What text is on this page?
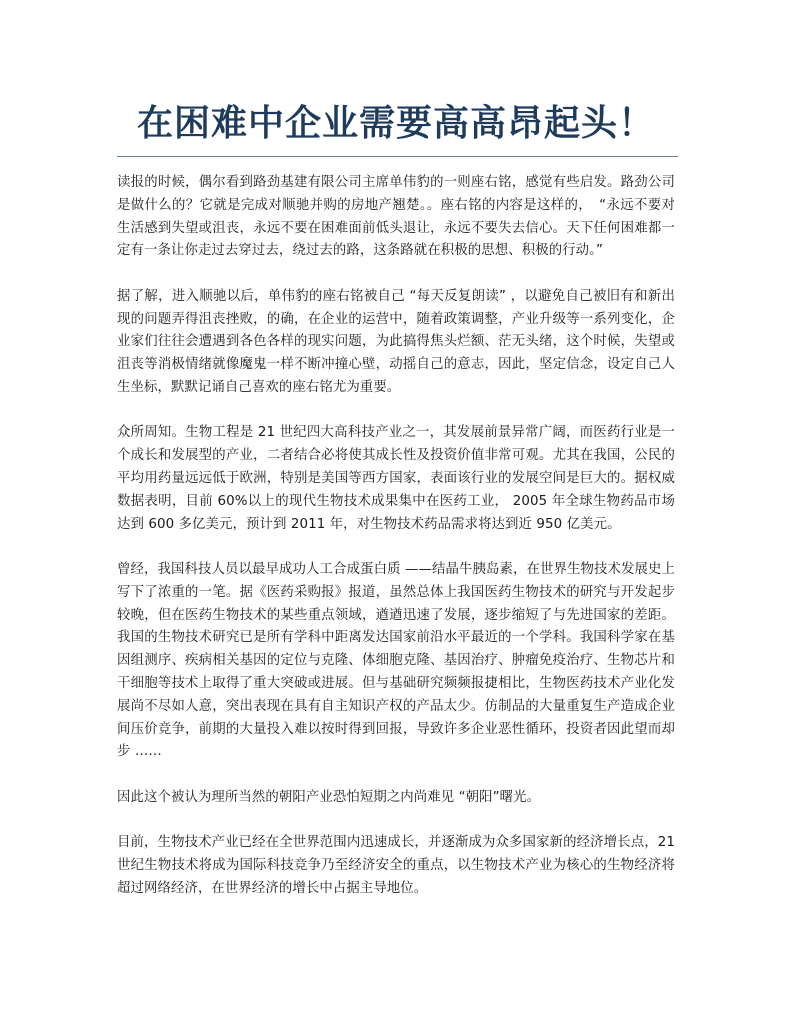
在困难中企业需要高高昂起头！

读报的时候，偶尔看到路劲基建有限公司主席单伟豹的一则座右铭，感觉有些启发。路劲公司是做什么的？它就是完成对顺驰并购的房地产翘楚。。座右铭的内容是这样的，　“永远不要对生活感到失望或沮丧，永远不要在困难面前低头退让，永远不要失去信心。天下任何困难都一定有一条让你走过去穿过去，绕过去的路，这条路就在积极的思想、积极的行动。”

据了解，进入顺驰以后，单伟豹的座右铭被自己 “每天反复朗读” ，以避免自己被旧有和新出现的问题弄得沮丧挫败，的确，在企业的运营中，随着政策调整，产业升级等一系列变化，企业家们往往会遭遇到各色各样的现实问题，为此搞得焦头烂额、茫无头绪，这个时候，失望或沮丧等消极情绪就像魔鬼一样不断冲撞心壁，动摇自己的意志，因此，坚定信念，设定自己人生坐标，默默记诵自己喜欢的座右铭尤为重要。

众所周知。生物工程是 21 世纪四大高科技产业之一，其发展前景异常广阔，而医药行业是一个成长和发展型的产业，二者结合必将使其成长性及投资价值非常可观。尤其在我国，公民的平均用药量远远低于欧洲，特别是美国等西方国家，表面该行业的发展空间是巨大的。据权威数据表明，目前 60%以上的现代生物技术成果集中在医药工业， 2005 年全球生物药品市场达到 600 多亿美元，预计到 2011 年，对生物技术药品需求将达到近 950 亿美元。

曾经，我国科技人员以最早成功人工合成蛋白质 ——结晶牛胰岛素，在世界生物技术发展史上写下了浓重的一笔。据《医药采购报》报道，虽然总体上我国医药生物技术的研究与开发起步较晚，但在医药生物技术的某些重点领域，遒遒迅速了发展，逐步缩短了与先进国家的差距。我国的生物技术研究已是所有学科中距离发达国家前沿水平最近的一个学科。我国科学家在基因组测序、疾病相关基因的定位与克隆、体细胞克隆、基因治疗、肿瘤免疫治疗、生物芯片和干细胞等技术上取得了重大突破或进展。但与基础研究频频报捷相比，生物医药技术产业化发展尚不尽如人意，突出表现在具有自主知识产权的产品太少。仿制品的大量重复生产造成企业间压价竞争，前期的大量投入难以按时得到回报，导致许多企业恶性循环，投资者因此望而却步 ……

因此这个被认为理所当然的朝阳产业恐怕短期之内尚难见 “朝阳”曙光。

目前，生物技术产业已经在全世界范围内迅速成长，并逐渐成为众多国家新的经济增长点，21 世纪生物技术将成为国际科技竞争乃至经济安全的重点，以生物技术产业为核心的生物经济将超过网络经济，在世界经济的增长中占据主导地位。
